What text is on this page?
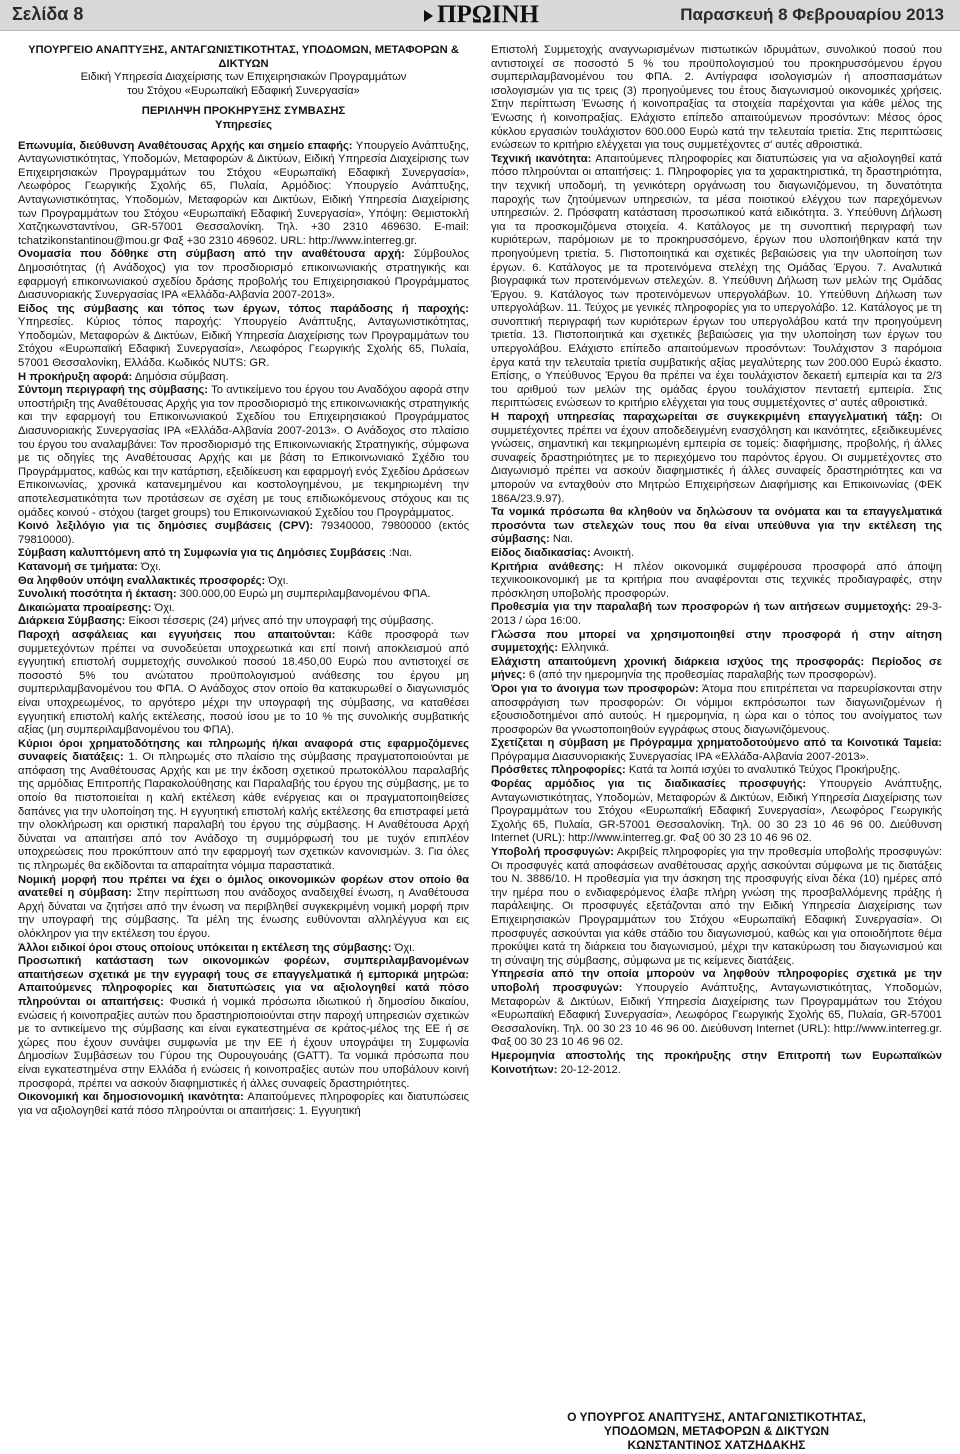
Σελίδα 8	ΠΡΩΙΝΗ	Παρασκευή 8 Φεβρουαρίου 2013

ΥΠΟΥΡΓΕΙΟ ΑΝΑΠΤΥΞΗΣ, ΑΝΤΑΓΩΝΙΣΤΙΚΟΤΗΤΑΣ, ΥΠΟΔΟΜΩΝ, ΜΕΤΑΦΟΡΩΝ & ΔΙΚΤΥΩΝ

Ειδική Υπηρεσία Διαχείρισης των Επιχειρησιακών Προγραμμάτων

του Στόχου «Ευρωπαϊκή Εδαφική Συνεργασία»

ΠΕΡΙΛΗΨΗ ΠΡΟΚΗΡΥΞΗΣ ΣΥΜΒΑΣΗΣ

Υπηρεσίες

Επωνυμία, διεύθυνση Αναθέτουσας Αρχής και σημείο επαφής: Υπουργείο Ανάπτυξης, Ανταγωνιστικότητας, Υποδομών, Μεταφορών & Δικτύων, Ειδική Υπηρεσία Διαχείρισης των Επιχειρησιακών Προγραμμάτων του Στόχου «Ευρωπαϊκή Εδαφική Συνεργασία», Λεωφόρος Γεωργικής Σχολής 65, Πυλαία, Αρμόδιος: Υπουργείο Ανάπτυξης, Ανταγωνιστικότητας, Υποδομών, Μεταφορών και Δικτύων, Ειδική Υπηρεσία Διαχείρισης των Προγραμμάτων του Στόχου «Ευρωπαϊκή Εδαφική Συνεργασία», Υπόψη: Θεμιστοκλή Χατζηκωνσταντίνου, GR-57001 Θεσσαλονίκη. Τηλ. +30 2310 469630. E-mail: tchatzikonstantinou@mou.gr Φαξ +30 2310 469602. URL: http://www.interreg.gr.

Ονομασία που δόθηκε στη σύμβαση από την αναθέτουσα αρχή: Σύμβουλος Δημοσιότητας (ή Ανάδοχος) για τον προσδιορισμό επικοινωνιακής στρατηγικής και εφαρμογή επικοινωνιακού σχεδίου δράσης προβολής του Επιχειρησιακού Προγράμματος Διασυνοριακής Συνεργασίας IPA «Ελλάδα-Αλβανία 2007-2013».

Είδος της σύμβασης και τόπος των έργων, τόπος παράδοσης ή παροχής: Υπηρεσίες. Κύριος τόπος παροχής: Υπουργείο Ανάπτυξης, Ανταγωνιστικότητας, Υποδομών, Μεταφορών & Δικτύων, Ειδική Υπηρεσία Διαχείρισης των Προγραμμάτων του Στόχου «Ευρωπαϊκή Εδαφική Συνεργασία», Λεωφόρος Γεωργικής Σχολής 65, Πυλαία, 57001 Θεσσαλονίκη, Ελλάδα. Κωδικός NUTS: GR.

Η προκήρυξη αφορά: Δημόσια σύμβαση.

Σύντομη περιγραφή της σύμβασης: Το αντικείμενο του έργου του Αναδόχου αφορά στην υποστήριξη της Αναθέτουσας Αρχής για τον προσδιορισμό της επικοινωνιακής στρατηγικής και την εφαρμογή του Επικοινωνιακού Σχεδίου του Επιχειρησιακού Προγράμματος Διασυνοριακής Συνεργασίας IPA «Ελλάδα-Αλβανία 2007-2013». Ο Ανάδοχος στο πλαίσιο του έργου του αναλαμβάνει: Τον προσδιορισμό της Επικοινωνιακής Στρατηγικής, σύμφωνα με τις οδηγίες της Αναθέτουσας Αρχής και με βάση το Επικοινωνιακό Σχέδιο του Προγράμματος, καθώς και την κατάρτιση, εξειδίκευση και εφαρμογή ενός Σχεδίου Δράσεων Επικοινωνίας, χρονικά κατανεμημένου και κοστολογημένου, με τεκμηριωμένη την αποτελεσματικότητα των προτάσεων σε σχέση με τους επιδιωκόμενους στόχους και τις ομάδες κοινού - στόχου (target groups) του Επικοινωνιακού Σχεδίου του Προγράμματος.

Κοινό λεξιλόγιο για τις δημόσιες συμβάσεις (CPV): 79340000, 79800000 (εκτός 79810000).

Σύμβαση καλυπτόμενη από τη Συμφωνία για τις Δημόσιες Συμβάσεις :Ναι.

Κατανομή σε τμήματα: Όχι.

Θα ληφθούν υπόψη εναλλακτικές προσφορές: Όχι.

Συνολική ποσότητα ή έκταση: 300.000,00 Ευρώ μη συμπεριλαμβανομένου ΦΠΑ.

Δικαιώματα προαίρεσης: Όχι.

Διάρκεια Σύμβασης: Είκοσι τέσσερις (24) μήνες από την υπογραφή της σύμβασης.

Παροχή ασφάλειας και εγγυήσεις που απαιτούνται: Κάθε προσφορά των συμμετεχόντων πρέπει να συνοδεύεται υποχρεωτικά και επί ποινή αποκλεισμού από εγγυητική επιστολή συμμετοχής συνολικού ποσού 18.450,00 Ευρώ που αντιστοιχεί σε ποσοστό 5% του ανώτατου προϋπολογισμού ανάθεσης του έργου μη συμπεριλαμβανομένου του ΦΠΑ. Ο Ανάδοχος στον οποίο θα κατακυρωθεί ο διαγωνισμός είναι υποχρεωμένος, το αργότερο μέχρι την υπογραφή της σύμβασης, να καταθέσει εγγυητική επιστολή καλής εκτέλεσης, ποσού ίσου με το 10 % της συνολικής συμβατικής αξίας (μη συμπεριλαμβανομένου του ΦΠΑ).

Κύριοι όροι χρηματοδότησης και πληρωμής ή/και αναφορά στις εφαρμοζόμενες συναφείς διατάξεις: 1. Οι πληρωμές στο πλαίσιο της σύμβασης πραγματοποιούνται με απόφαση της Αναθέτουσας Αρχής και με την έκδοση σχετικού πρωτοκόλλου παραλαβής της αρμόδιας Επιτροπής Παρακολούθησης και Παραλαβής του έργου της σύμβασης, με το οποίο θα πιστοποιείται η καλή εκτέλεση κάθε ενέργειας και οι πραγματοποιηθείσες δαπάνες για την υλοποίηση της. Η εγγυητική επιστολή καλής εκτέλεσης θα επιστραφεί μετά την ολοκλήρωση και οριστική παραλαβή του έργου της σύμβασης. Η Αναθέτουσα Αρχή δύναται να απαιτήσει από τον Ανάδοχο τη συμμόρφωσή του με τυχόν επιπλέον υποχρεώσεις που προκύπτουν από την εφαρμογή των σχετικών κανονισμών. 3. Για όλες τις πληρωμές θα εκδίδονται τα απαραίτητα νόμιμα παραστατικά.

Νομική μορφή που πρέπει να έχει ο όμιλος οικονομικών φορέων στον οποίο θα ανατεθεί η σύμβαση: Στην περίπτωση που ανάδοχος αναδειχθεί ένωση, η Αναθέτουσα Αρχή δύναται να ζητήσει από την ένωση να περιβληθεί συγκεκριμένη νομική μορφή πριν την υπογραφή της σύμβασης. Τα μέλη της ένωσης ευθύνονται αλληλέγγυα και εις ολόκληρον για την εκτέλεση του έργου.

Άλλοι ειδικοί όροι στους οποίους υπόκειται η εκτέλεση της σύμβασης: Όχι.

Προσωπική κατάσταση των οικονομικών φορέων, συμπεριλαμβανομένων απαιτήσεων σχετικά με την εγγραφή τους σε επαγγελματικά ή εμπορικά μητρώα: Απαιτούμενες πληροφορίες και διατυπώσεις για να αξιολογηθεί κατά πόσο πληρούνται οι απαιτήσεις: Φυσικά ή νομικά πρόσωπα ιδιωτικού ή δημοσίου δικαίου, ενώσεις ή κοινοπραξίες αυτών που δραστηριοποιούνται στην παροχή υπηρεσιών σχετικών με το αντικείμενο της σύμβασης και είναι εγκατεστημένα σε κράτος-μέλος της ΕΕ ή σε χώρες που έχουν συνάψει συμφωνία με την ΕΕ ή έχουν υπογράψει τη Συμφωνία Δημοσίων Συμβάσεων του Γύρου της Ουρουγουάης (GATT). Τα νομικά πρόσωπα που είναι εγκατεστημένα στην Ελλάδα ή ενώσεις ή κοινοπραξίες αυτών που υποβάλουν κοινή προσφορά, πρέπει να ασκούν διαφημιστικές ή άλλες συναφείς δραστηριότητες.

Οικονομική και δημοσιονομική ικανότητα: Απαιτούμενες πληροφορίες και διατυπώσεις για να αξιολογηθεί κατά πόσο πληρούνται οι απαιτήσεις: 1. Εγγυητική

Επιστολή Συμμετοχής αναγνωρισμένων πιστωτικών ιδρυμάτων, συνολικού ποσού που αντιστοιχεί σε ποσοστό 5 % του προϋπολογισμού του προκηρυσσόμενου έργου συμπεριλαμβανομένου του ΦΠΑ. 2. Αντίγραφα ισολογισμών ή αποσπασμάτων ισολογισμών για τις τρεις (3) προηγούμενες του έτους διαγωνισμού οικονομικές χρήσεις. Στην περίπτωση Ένωσης ή κοινοπραξίας τα στοιχεία παρέχονται για κάθε μέλος της Ένωσης ή κοινοπραξίας. Ελάχιστο επίπεδο απαιτούμενων προσόντων: Μέσος όρος κύκλου εργασιών τουλάχιστον 600.000 Ευρώ κατά την τελευταία τριετία. Στις περιπτώσεις ενώσεων το κριτήριο ελέγχεται για τους συμμετέχοντες σ' αυτές αθροιστικά.

Τεχνική ικανότητα: Απαιτούμενες πληροφορίες και διατυπώσεις για να αξιολογηθεί κατά πόσο πληρούνται οι απαιτήσεις: 1. Πληροφορίες για τα χαρακτηριστικά, τη δραστηριότητα, την τεχνική υποδομή, τη γενικότερη οργάνωση του διαγωνιζόμενου, τη δυνατότητα παροχής των ζητούμενων υπηρεσιών, τα μέσα ποιοτικού ελέγχου των παρεχόμενων υπηρεσιών. 2. Πρόσφατη κατάσταση προσωπικού κατά ειδικότητα. 3. Υπεύθυνη Δήλωση για τα προσκομιζόμενα στοιχεία. 4. Κατάλογος με τη συνοπτική περιγραφή των κυριότερων, παρόμοιων με το προκηρυσσόμενο, έργων που υλοποιήθηκαν κατά την προηγούμενη τριετία. 5. Πιστοποιητικά και σχετικές βεβαιώσεις για την υλοποίηση των έργων. 6. Κατάλογος με τα προτεινόμενα στελέχη της Ομάδας Έργου. 7. Αναλυτικά βιογραφικά των προτεινόμενων στελεχών. 8. Υπεύθυνη Δήλωση των μελών της Ομάδας Έργου. 9. Κατάλογος των προτεινόμενων υπεργολάβων. 10. Υπεύθυνη Δήλωση των υπεργολάβων. 11. Τεύχος με γενικές πληροφορίες για το υπεργολάβο. 12. Κατάλογος με τη συνοπτική περιγραφή των κυριότερων έργων του υπεργολάβου κατά την προηγούμενη τριετία. 13. Πιστοποιητικά και σχετικές βεβαιώσεις για την υλοποίηση των έργων του υπεργολάβου. Ελάχιστο επίπεδο απαιτούμενων προσόντων: Τουλάχιστον 3 παρόμοια έργα κατά την τελευταία τριετία συμβατικής αξίας μεγαλύτερης των 200.000 Ευρώ έκαστο. Επίσης, ο Υπεύθυνος Έργου θα πρέπει να έχει τουλάχιστον δεκαετή εμπειρία και τα 2/3 του αριθμού των μελών της ομάδας έργου τουλάχιστον πενταετή εμπειρία. Στις περιπτώσεις ενώσεων το κριτήριο ελέγχεται για τους συμμετέχοντες σ' αυτές αθροιστικά.

Η παροχή υπηρεσίας παραχωρείται σε συγκεκριμένη επαγγελματική τάξη: Οι συμμετέχοντες πρέπει να έχουν αποδεδειγμένη ενασχόληση και ικανότητες, εξειδικευμένες γνώσεις, σημαντική και τεκμηριωμένη εμπειρία σε τομείς: διαφήμισης, προβολής, ή άλλες συναφείς δραστηριότητες με το περιεχόμενο του παρόντος έργου. Οι συμμετέχοντες στο Διαγωνισμό πρέπει να ασκούν διαφημιστικές ή άλλες συναφείς δραστηριότητες και να μπορούν να ενταχθούν στο Μητρώο Επιχειρήσεων Διαφήμισης και Επικοινωνίας (ΦΕΚ 186Α/23.9.97).

Τα νομικά πρόσωπα θα κληθούν να δηλώσουν τα ονόματα και τα επαγγελματικά προσόντα των στελεχών τους που θα είναι υπεύθυνα για την εκτέλεση της σύμβασης: Ναι.

Είδος διαδικασίας: Ανοικτή.

Κριτήρια ανάθεσης: Η πλέον οικονομικά συμφέρουσα προσφορά από άποψη τεχνικοοικονομική με τα κριτήρια που αναφέρονται στις τεχνικές προδιαγραφές, στην πρόσκληση υποβολής προσφορών.

Προθεσμία για την παραλαβή των προσφορών ή των αιτήσεων συμμετοχής: 29-3-2013 / ώρα 16:00.

Γλώσσα που μπορεί να χρησιμοποιηθεί στην προσφορά ή στην αίτηση συμμετοχής: Ελληνικά.

Ελάχιστη απαιτούμενη χρονική διάρκεια ισχύος της προσφοράς: Περίοδος σε μήνες: 6 (από την ημερομηνία της προθεσμίας παραλαβής των προσφορών).

Όροι για το άνοιγμα των προσφορών: Άτομα που επιτρέπεται να παρευρίσκονται στην αποσφράγιση των προσφορών: Οι νόμιμοι εκπρόσωποι των διαγωνιζομένων ή εξουσιοδοτημένοι από αυτούς. Η ημερομηνία, η ώρα και ο τόπος του ανοίγματος των προσφορών θα γνωστοποιηθούν εγγράφως στους διαγωνιζόμενους.

Σχετίζεται η σύμβαση με Πρόγραμμα χρηματοδοτούμενο από τα Κοινοτικά Ταμεία: Πρόγραμμα Διασυνοριακής Συνεργασίας IPA «Ελλάδα-Αλβανία 2007-2013».

Πρόσθετες πληροφορίες: Κατά τα λοιπά ισχύει το αναλυτικό Τεύχος Προκήρυξης.

Φορέας αρμόδιος για τις διαδικασίες προσφυγής: Υπουργείο Ανάπτυξης, Ανταγωνιστικότητας, Υποδομών, Μεταφορών & Δικτύων, Ειδική Υπηρεσία Διαχείρισης των Προγραμμάτων του Στόχου «Ευρωπαϊκή Εδαφική Συνεργασία», Λεωφόρος Γεωργικής Σχολής 65, Πυλαία, GR-57001 Θεσσαλονίκη. Τηλ. 00 30 23 10 46 96 00. Διεύθυνση Internet (URL): http://www.interreg.gr. Φαξ 00 30 23 10 46 96 02.

Υποβολή προσφυγών: Ακριβείς πληροφορίες για την προθεσμία υποβολής προσφυγών: Οι προσφυγές κατά αποφάσεων αναθέτουσας αρχής ασκούνται σύμφωνα με τις διατάξεις του Ν. 3886/10. Η προθεσμία για την άσκηση της προσφυγής είναι δέκα (10) ημέρες από την ημέρα που ο ενδιαφερόμενος έλαβε πλήρη γνώση της προσβαλλόμενης πράξης ή παράλειψης. Οι προσφυγές εξετάζονται από την Ειδική Υπηρεσία Διαχείρισης των Επιχειρησιακών Προγραμμάτων του Στόχου «Ευρωπαϊκή Εδαφική Συνεργασία». Οι προσφυγές ασκούνται για κάθε στάδιο του διαγωνισμού, καθώς και για οποιοδήποτε θέμα προκύψει κατά τη διάρκεια του διαγωνισμού, μέχρι την κατακύρωση του διαγωνισμού και τη σύναψη της σύμβασης, σύμφωνα με τις κείμενες διατάξεις.

Υπηρεσία από την οποία μπορούν να ληφθούν πληροφορίες σχετικά με την υποβολή προσφυγών: Υπουργείο Ανάπτυξης, Ανταγωνιστικότητας, Υποδομών, Μεταφορών & Δικτύων, Ειδική Υπηρεσία Διαχείρισης των Προγραμμάτων του Στόχου «Ευρωπαϊκή Εδαφική Συνεργασία», Λεωφόρος Γεωργικής Σχολής 65, Πυλαία, GR-57001 Θεσσαλονίκη. Τηλ. 00 30 23 10 46 96 00. Διεύθυνση Internet (URL): http://www.interreg.gr. Φαξ 00 30 23 10 46 96 02.

Ημερομηνία αποστολής της προκήρυξης στην Επιτροπή των Ευρωπαϊκών Κοινοτήτων: 20-12-2012.

Ο ΥΠΟΥΡΓΟΣ ΑΝΑΠΤΥΞΗΣ, ΑΝΤΑΓΩΝΙΣΤΙΚΟΤΗΤΑΣ,
ΥΠΟΔΟΜΩΝ, ΜΕΤΑΦΟΡΩΝ & ΔΙΚΤΥΩΝ
ΚΩΝΣΤΑΝΤΙΝΟΣ ΧΑΤΖΗΔΑΚΗΣ
